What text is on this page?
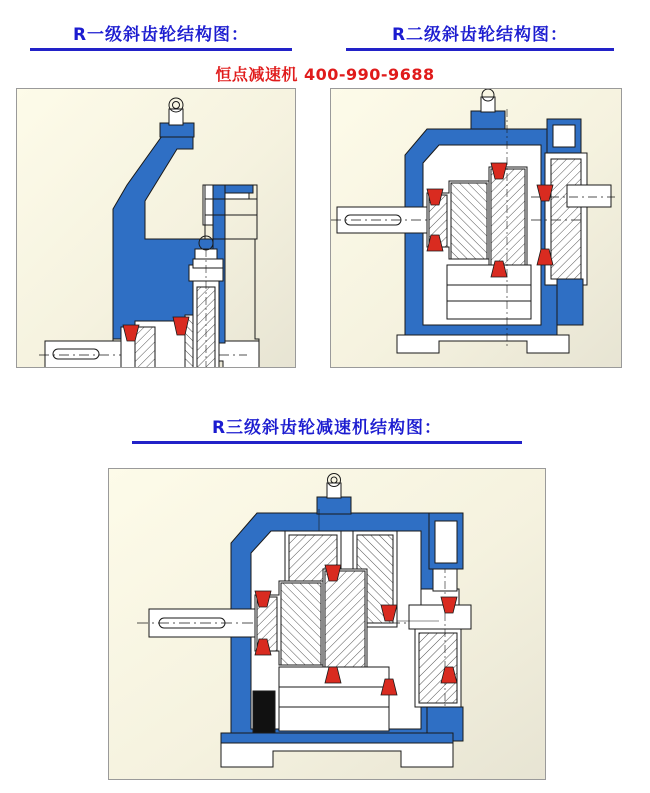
R一级斜齿轮结构图：	R二级斜齿轮结构图：
恒点减速机 400-990-9688
R三级斜齿轮减速机结构图：
